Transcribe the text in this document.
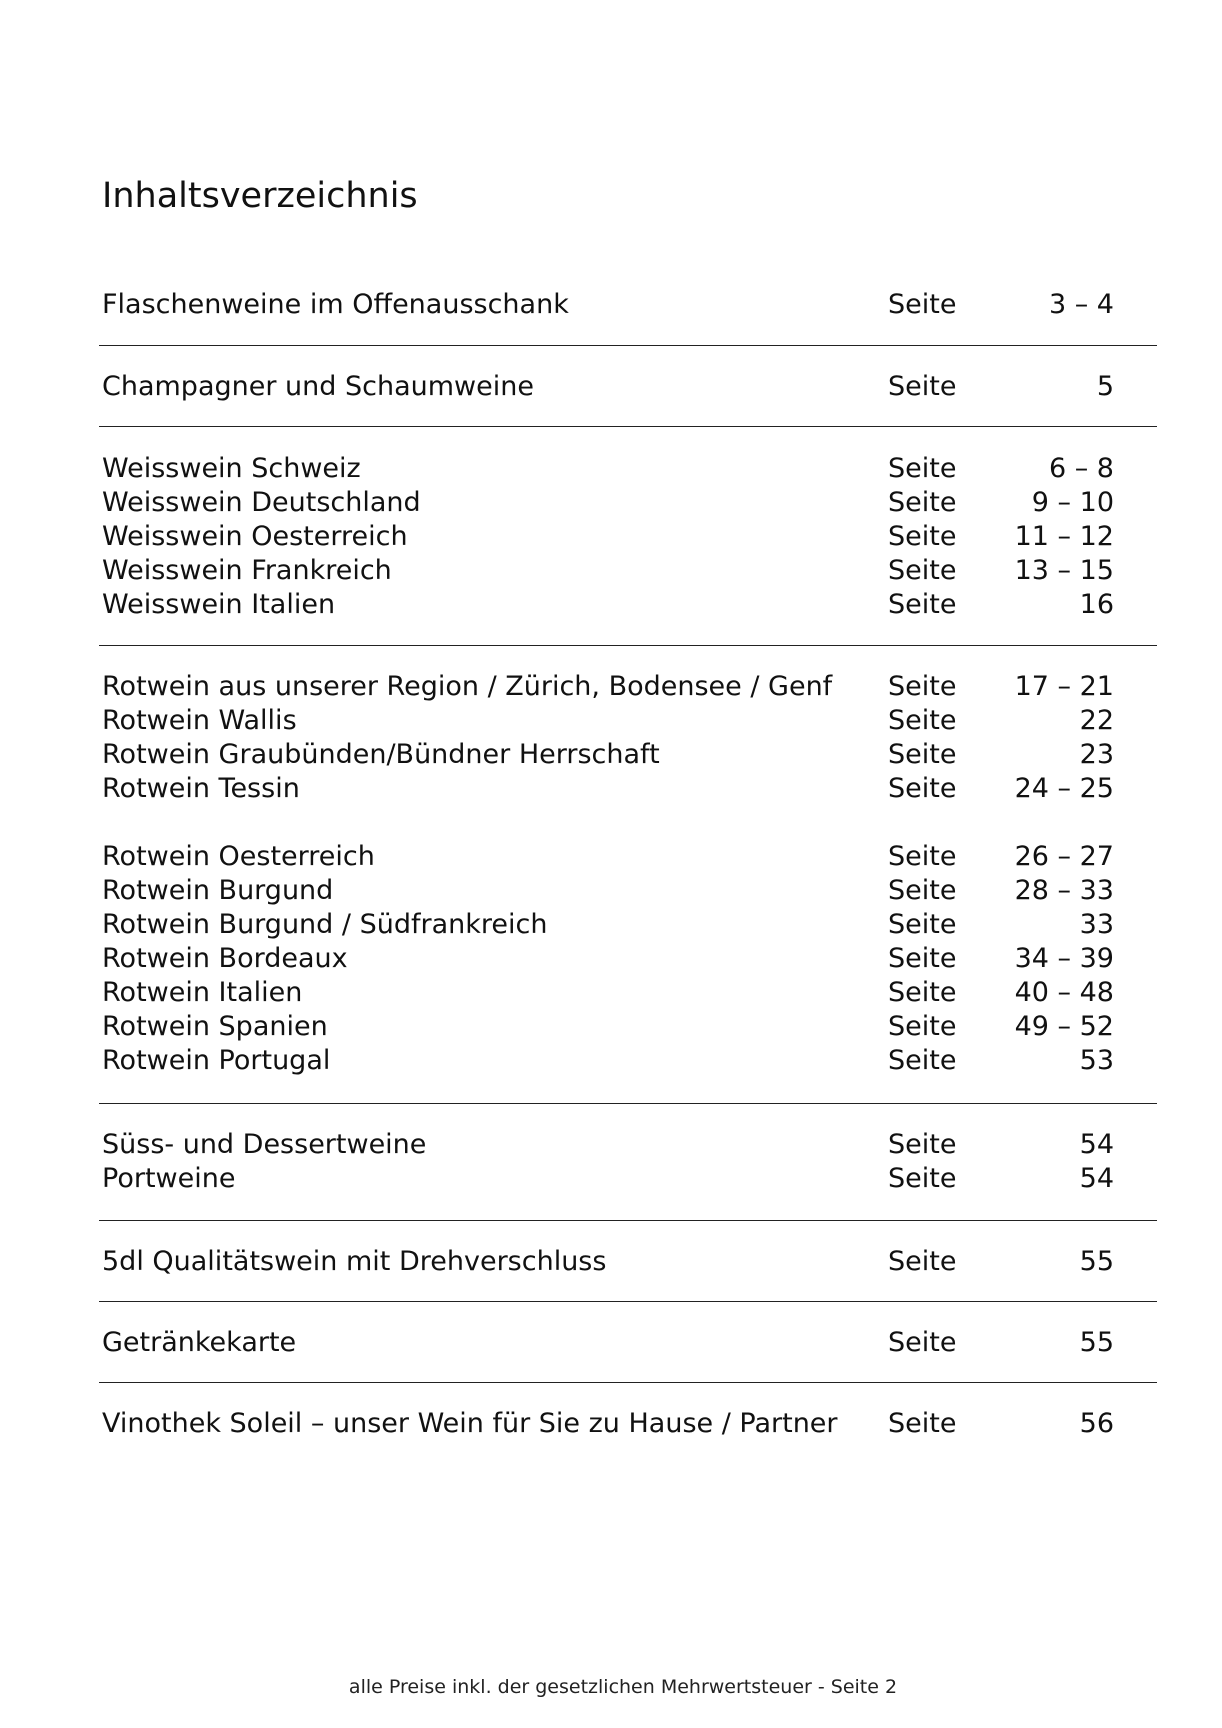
Inhaltsverzeichnis
Flaschenweine im Offenausschank	Seite	3 – 4
Champagner und Schaumweine	Seite	5
Weisswein Schweiz	Seite	6 – 8
Weisswein Deutschland	Seite	9 – 10
Weisswein Oesterreich	Seite 11 – 12
Weisswein Frankreich	Seite 13 – 15
Weisswein Italien	Seite	16
Rotwein aus unserer Region / Zürich, Bodensee / Genf Seite 17 – 21
Rotwein Wallis	Seite	22
Rotwein Graubünden/Bündner Herrschaft	Seite	23
Rotwein Tessin	Seite 24 – 25
Rotwein Oesterreich	Seite 26 – 27
Rotwein Burgund	Seite 28 – 33
Rotwein Burgund / Südfrankreich	Seite	33
Rotwein Bordeaux	Seite 34 – 39
Rotwein Italien	Seite 40 – 48
Rotwein Spanien	Seite 49 – 52
Rotwein Portugal	Seite	53
Süss- und Dessertweine	Seite	54
Portweine	Seite	54
5dl Qualitätswein mit Drehverschluss	Seite	55
Getränkekarte	Seite	55
Vinothek Soleil – unser Wein für Sie zu Hause / Partner Seite	56
alle Preise inkl. der gesetzlichen Mehrwertsteuer - Seite 2
